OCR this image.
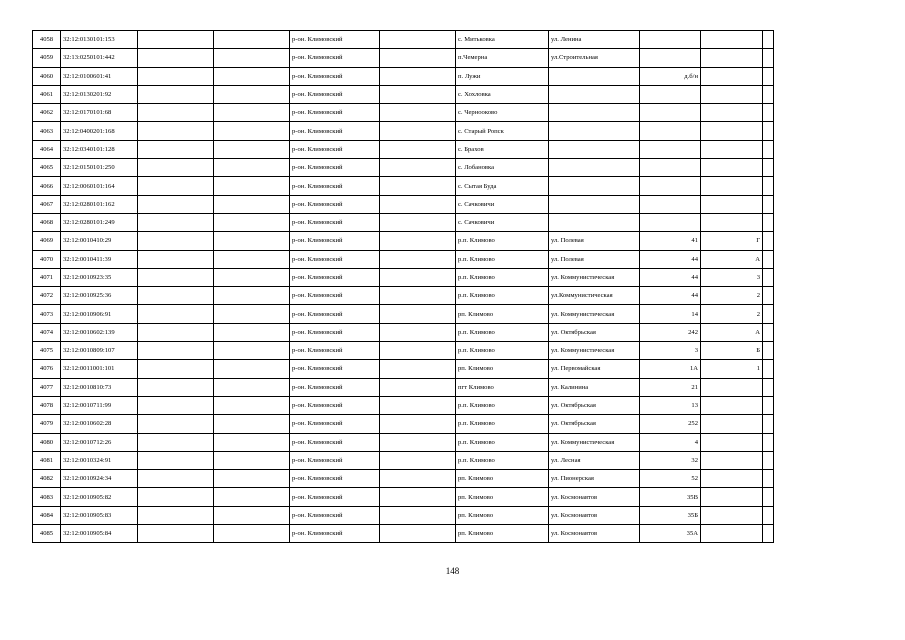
4058	32:12:0130101:153			р-он. Климовский		с. Митьковка	ул. Ленина			
4059	32:13:0250101:442			р-он. Климовский		п.Чемерна	ул.Строительная			
4060	32:12:0100601:41			р-он. Климовский		п. Лужи		д.б/н		
4061	32:12:0130201:92			р-он. Климовский		с. Хохловка				
4062	32:12:0170101:68			р-он. Климовский		с. Чернооково				
4063	32:12:0400201:168			р-он. Климовский		с. Старый Ропск				
4064	32:12:0340101:128			р-он. Климовский		с. Брахов				
4065	32:12:0150101:250			р-он. Климовский		с. Лобановка				
4066	32:12:0060101:164			р-он. Климовский		с. Сытая Буда				
4067	32:12:0280101:162			р-он. Климовский		с. Сачковичи				
4068	32:12:0280101:249			р-он. Климовский		с. Сачковичи				
4069	32:12:0010410:29			р-он. Климовский		р.п. Климово	ул. Полевая	41	Г	
4070	32:12:0010411:39			р-он. Климовский		р.п. Климово	ул. Полевая	44	А	
4071	32:12:0010923:35			р-он. Климовский		р.п. Климово	ул. Коммунистическая	44	3	
4072	32:12:0010925:36			р-он. Климовский		р.п. Климово	ул.Коммунистическая	44	2	
4073	32:12:0010906:91			р-он. Климовский		рп. Климово	ул. Коммунистическая	14	2	
4074	32:12:0010602:139			р-он. Климовский		р.п. Климово	ул. Октябрьская	242	А	
4075	32:12:0010809:107			р-он. Климовский		р.п. Климово	ул. Коммунистическая	3	Б	
4076	32:12:0011001:101			р-он. Климовский		рп. Климово	ул. Первомайская	1А	1	
4077	32:12:0010810:73			р-он. Климовский		пгт Климово	ул. Калинина	21		
4078	32:12:0010711:99			р-он. Климовский		р.п. Климово	ул. Октябрьская	13		
4079	32:12:0010602:28			р-он. Климовский		р.п. Климово	ул. Октябрьская	252		
4080	32:12:0010712:26			р-он. Климовский		р.п. Климово	ул. Коммунистическая	4		
4081	32:12:0010324:91			р-он. Климовский		р.п. Климово	ул. Лесная	32		
4082	32:12:0010924:34			р-он. Климовский		рп. Климово	ул. Пионерская	52		
4083	32:12:0010905:82			р-он. Климовский		рп. Климово	ул. Космонавтов	35В		
4084	32:12:0010905:83			р-он. Климовский		рп. Климово	ул. Космонавтов	35Б		
4085	32:12:0010905:84			р-он. Климовский		рп. Климово	ул. Космонавтов	35А		
148
